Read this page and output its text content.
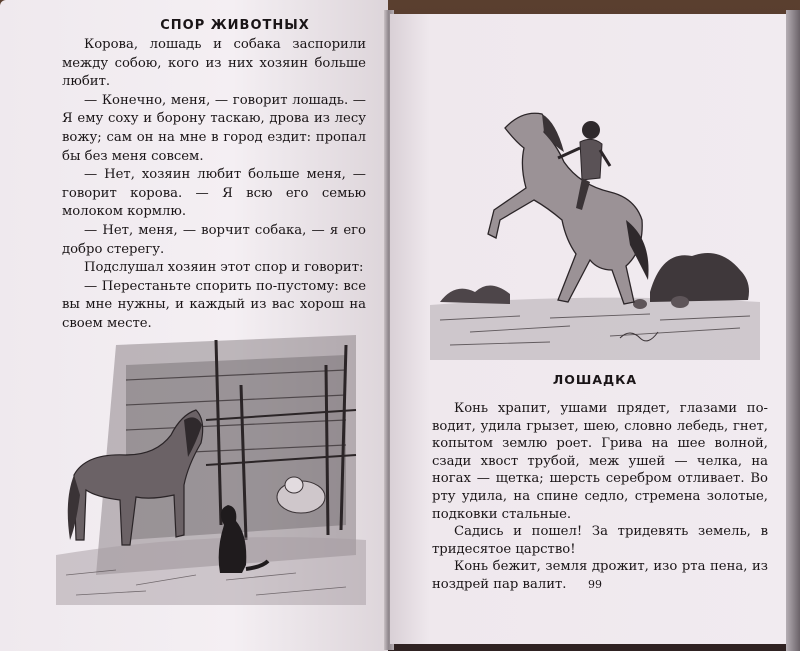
СПОР ЖИВОТНЫХ

Корова, лошадь и собака заспорили между собою, кого из них хозяин больше любит.

— Конечно, меня, — говорит лошадь. — Я ему соху и борону таскаю, дрова из лесу вожу; сам он на мне в город ездит: пропал бы без меня совсем.

— Нет, хозяин любит больше меня, — говорит корова. — Я всю его семью молоком кормлю.

— Нет, меня, — ворчит собака, — я его добро стерегу.

Подслушал хозяин этот спор и говорит:

— Перестаньте спорить по-пустому: все вы мне нужны, и каждый из вас хорош на своем месте.

ЛОШАДКА

Конь храпит, ушами прядет, глазами поводит, удила грызет, шею, словно лебедь, гнет, копытом землю роет. Грива на шее волной, сзади хвост трубой, меж ушей — челка, на ногах — щетка; шерсть серебром отливает. Во рту удила, на спине седло, стремена золотые, подковки стальные.

Садись и пошел! За тридевять земель, в тридесятое царство!

Конь бежит, земля дрожит, изо рта пена, из ноздрей пар валит.	99
